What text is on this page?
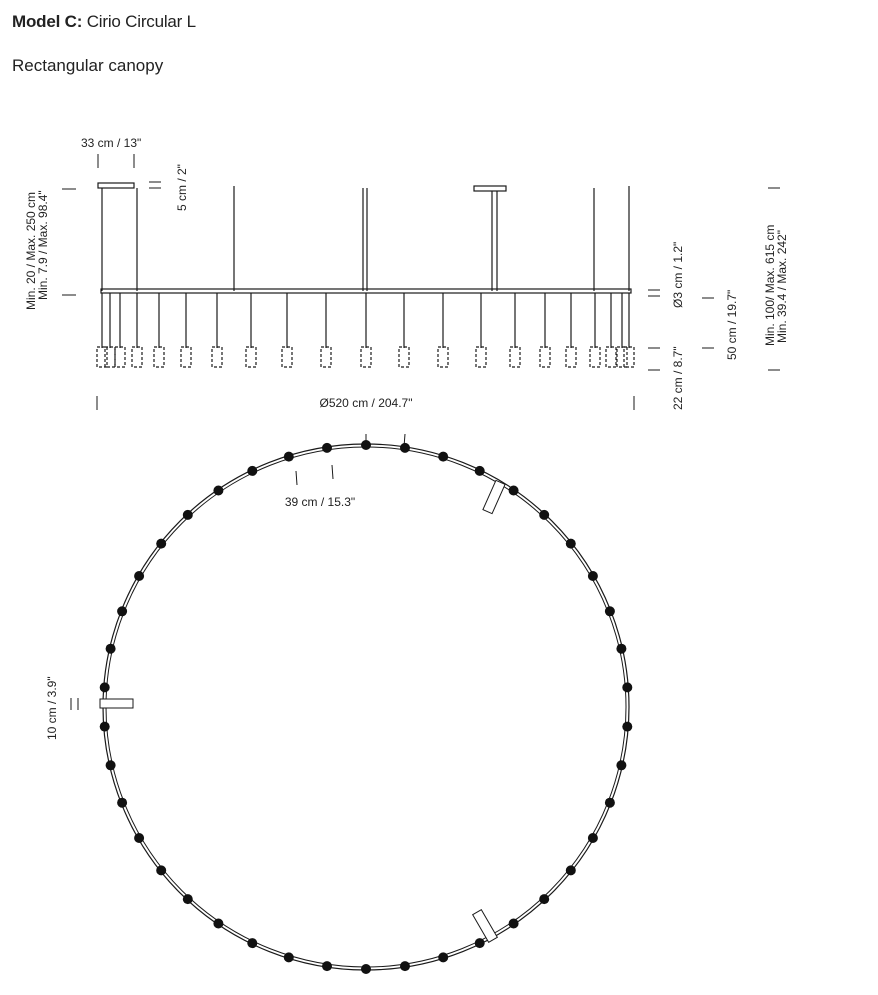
Model C: Cirio Circular L
Rectangular canopy
33 cm / 13"
5 cm / 2"
Min. 20 / Max. 250 cm
Min. 7.9 / Max. 98.4"	Ø3 cm / 1.2"
50 cm / 19.7"
22 cm / 8.7"
Min. 100/ Max. 615 cm
Min. 39.4 / Max. 242"
Ø520 cm / 204.7"
39 cm / 15.3"
10 cm / 3.9"
